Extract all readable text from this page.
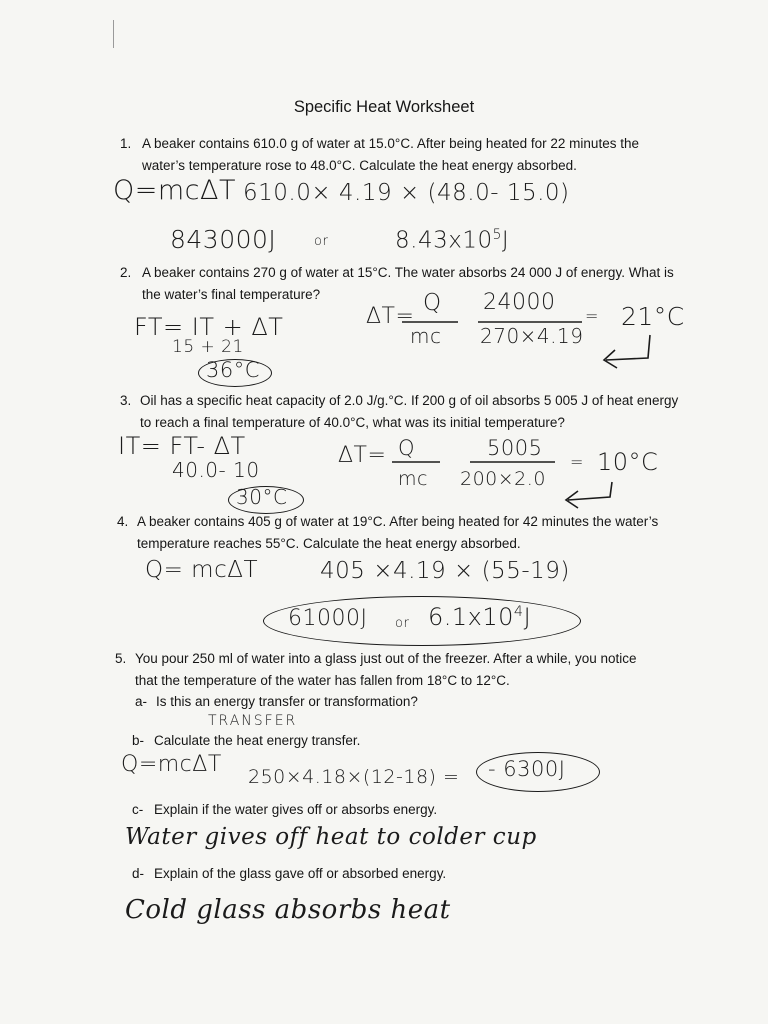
Specific Heat Worksheet
1. A beaker contains 610.0 g of water at 15.0°C. After being heated for 22 minutes the
water’s temperature rose to 48.0°C. Calculate the heat energy absorbed.
Q=mcΔT 610.0× 4.19 × (48.0- 15.0)
843000J	or	$8.43x10^5J$
2. A beaker contains 270 g of water at 15°C. The water absorbs 24 000 J of energy. What is
the water’s final temperature?
FT= IT + ΔT
15 + 21
36°C
ΔT=
Q
mc
24000
270×4.19
= 21°C
3. Oil has a specific heat capacity of 2.0 J/g.°C. If 200 g of oil absorbs 5 005 J of heat energy
to reach a final temperature of 40.0°C, what was its initial temperature?
IT= FT- ΔT
40.0- 10
30°C
ΔT= Q
mc
5005
200×2.0
= 10°C
4. A beaker contains 405 g of water at 19°C. After being heated for 42 minutes the water’s
temperature reaches 55°C. Calculate the heat energy absorbed.
Q= mcΔT	405 ×4.19 × (55-19)
61000J or $6.1x10^4J$
5. You pour 250 ml of water into a glass just out of the freezer. After a while, you notice
that the temperature of the water has fallen from 18°C to 12°C.
a- Is this an energy transfer or transformation?
TRANSFER
b- Calculate the heat energy transfer.
Q=mcΔT 250×4.18×(12-18) = - 6300J
c- Explain if the water gives off or absorbs energy.
Water gives off heat to colder cup
d- Explain of the glass gave off or absorbed energy.
Cold glass absorbs heat
